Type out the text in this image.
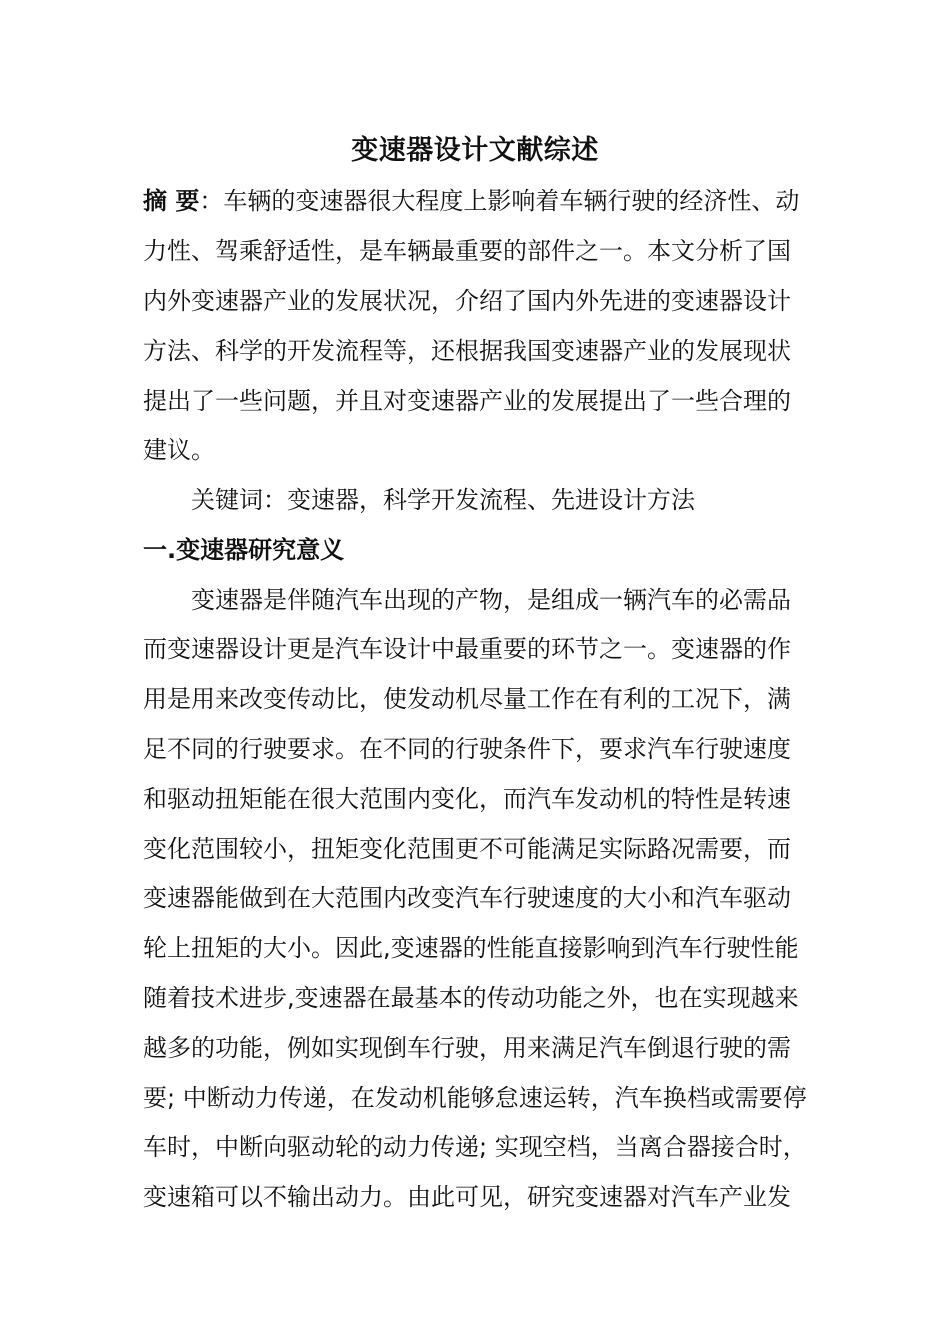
变速器设计文献综述
摘 要：车辆的变速器很大程度上影响着车辆行驶的经济性、动
力性、驾乘舒适性，是车辆最重要的部件之一。本文分析了国
内外变速器产业的发展状况，介绍了国内外先进的变速器设计
方法、科学的开发流程等，还根据我国变速器产业的发展现状
提出了一些问题，并且对变速器产业的发展提出了一些合理的
建议。
关键词：变速器，科学开发流程、先进设计方法
一.变速器研究意义
变速器是伴随汽车出现的产物，是组成一辆汽车的必需品
而变速器设计更是汽车设计中最重要的环节之一。变速器的作
用是用来改变传动比，使发动机尽量工作在有利的工况下，满
足不同的行驶要求。在不同的行驶条件下，要求汽车行驶速度
和驱动扭矩能在很大范围内变化，而汽车发动机的特性是转速
变化范围较小，扭矩变化范围更不可能满足实际路况需要，而
变速器能做到在大范围内改变汽车行驶速度的大小和汽车驱动
轮上扭矩的大小。因此,变速器的性能直接影响到汽车行驶性能
随着技术进步,变速器在最基本的传动功能之外，也在实现越来
越多的功能，例如实现倒车行驶，用来满足汽车倒退行驶的需
要; 中断动力传递，在发动机能够怠速运转，汽车换档或需要停
车时，中断向驱动轮的动力传递; 实现空档，当离合器接合时，
变速箱可以不输出动力。由此可见，研究变速器对汽车产业发
